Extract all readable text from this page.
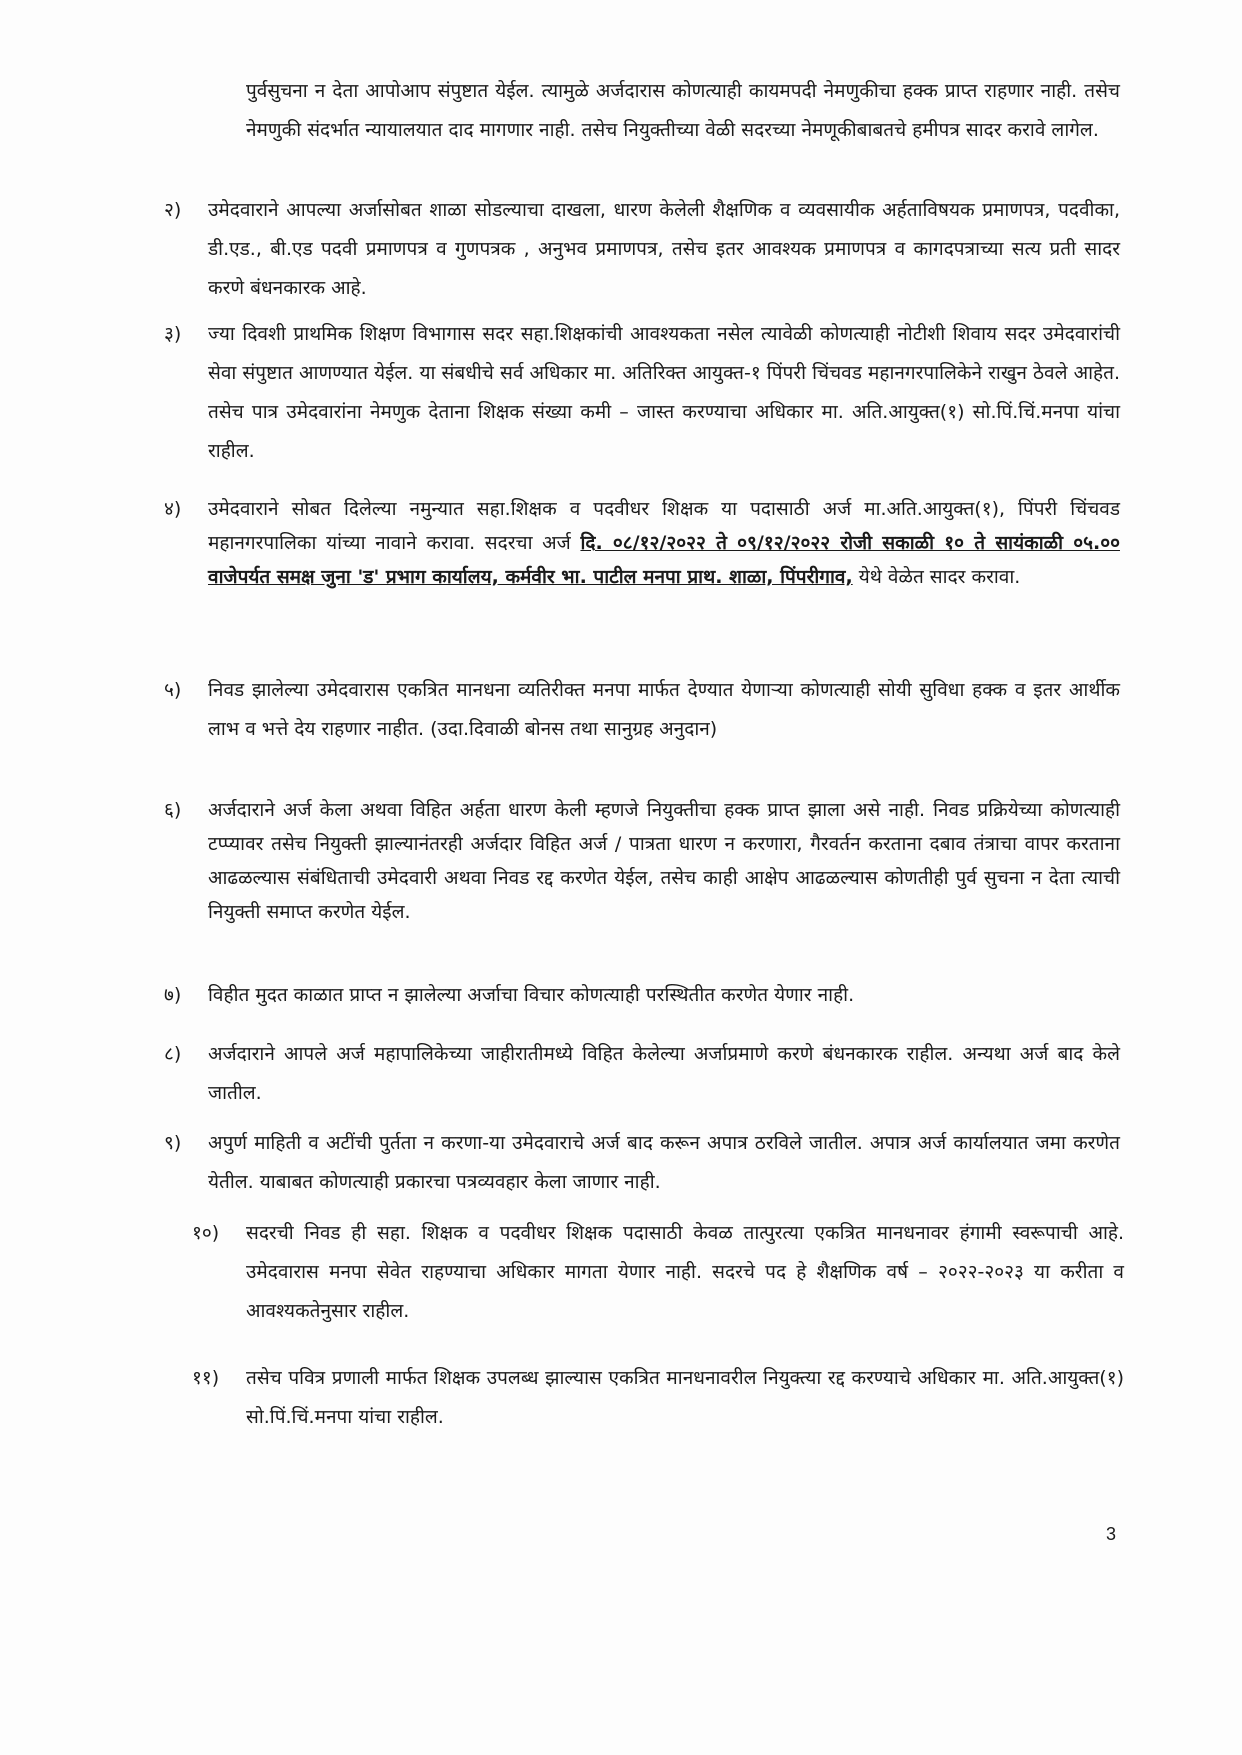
पुर्वसुचना न देता आपोआप संपुष्टात येईल. त्यामुळे अर्जदारास कोणत्याही कायमपदी नेमणुकीचा हक्क प्राप्त राहणार नाही. तसेच नेमणुकी संदर्भात न्यायालयात दाद मागणार नाही. तसेच नियुक्तीच्या वेळी सदरच्या नेमणूकीबाबतचे हमीपत्र सादर करावे लागेल.
२) उमेदवाराने आपल्या अर्जासोबत शाळा सोडल्याचा दाखला, धारण केलेली शैक्षणिक व व्यवसायीक अर्हताविषयक प्रमाणपत्र, पदवीका, डी.एड., बी.एड पदवी प्रमाणपत्र व गुणपत्रक , अनुभव प्रमाणपत्र, तसेच इतर आवश्यक प्रमाणपत्र व कागदपत्राच्या सत्य प्रती सादर करणे बंधनकारक आहे.
३) ज्या दिवशी प्राथमिक शिक्षण विभागास सदर सहा.शिक्षकांची आवश्यकता नसेल त्यावेळी कोणत्याही नोटीशी शिवाय सदर उमेदवारांची सेवा संपुष्टात आणण्यात येईल. या संबधीचे सर्व अधिकार मा. अतिरिक्त आयुक्त-१ पिंपरी चिंचवड महानगरपालिकेने राखुन ठेवले आहेत. तसेच पात्र उमेदवारांना नेमणुक देताना शिक्षक संख्या कमी – जास्त करण्याचा अधिकार मा. अति.आयुक्त(१) सो.पिं.चिं.मनपा यांचा राहील.
४) उमेदवाराने सोबत दिलेल्या नमुन्यात सहा.शिक्षक व पदवीधर शिक्षक या पदासाठी अर्ज मा.अति.आयुक्त(१), पिंपरी चिंचवड महानगरपालिका यांच्या नावाने करावा. सदरचा अर्ज दि. ०८/१२/२०२२ ते ०९/१२/२०२२ रोजी सकाळी १० ते सायंकाळी ०५.०० वाजेपर्यत समक्ष जुना 'ड' प्रभाग कार्यालय, कर्मवीर भा. पाटील मनपा प्राथ. शाळा, पिंपरीगाव, येथे वेळेत सादर करावा.
५) निवड झालेल्या उमेदवारास एकत्रित मानधना व्यतिरीक्त मनपा मार्फत देण्यात येणाऱ्या कोणत्याही सोयी सुविधा हक्क व इतर आर्थीक लाभ व भत्ते देय राहणार नाहीत. (उदा.दिवाळी बोनस तथा सानुग्रह अनुदान)
६) अर्जदाराने अर्ज केला अथवा विहित अर्हता धारण केली म्हणजे नियुक्तीचा हक्क प्राप्त झाला असे नाही. निवड प्रक्रियेच्या कोणत्याही टप्प्यावर तसेच नियुक्ती झाल्यानंतरही अर्जदार विहित अर्ज / पात्रता धारण न करणारा, गैरवर्तन करताना दबाव तंत्राचा वापर करताना आढळल्यास संबंधिताची उमेदवारी अथवा निवड रद्द करणेत येईल, तसेच काही आक्षेप आढळल्यास कोणतीही पुर्व सुचना न देता त्याची नियुक्ती समाप्त करणेत येईल.
७) विहीत मुदत काळात प्राप्त न झालेल्या अर्जाचा विचार कोणत्याही परस्थितीत करणेत येणार नाही.
८) अर्जदाराने आपले अर्ज महापालिकेच्या जाहीरातीमध्ये विहित केलेल्या अर्जाप्रमाणे करणे बंधनकारक राहील. अन्यथा अर्ज बाद केले जातील.
९) अपुर्ण माहिती व अटींची पुर्तता न करणा-या उमेदवाराचे अर्ज बाद करून अपात्र ठरविले जातील. अपात्र अर्ज कार्यालयात जमा करणेत येतील. याबाबत कोणत्याही प्रकारचा पत्रव्यवहार केला जाणार नाही.
१०) सदरची निवड ही सहा. शिक्षक व पदवीधर शिक्षक पदासाठी केवळ तात्पुरत्या एकत्रित मानधनावर हंगामी स्वरूपाची आहे. उमेदवारास मनपा सेवेत राहण्याचा अधिकार मागता येणार नाही. सदरचे पद हे शैक्षणिक वर्ष – २०२२-२०२३ या करीता व आवश्यकतेनुसार राहील.
११) तसेच पवित्र प्रणाली मार्फत शिक्षक उपलब्ध झाल्यास एकत्रित मानधनावरील नियुक्त्या रद्द करण्याचे अधिकार मा. अति.आयुक्त(१) सो.पिं.चिं.मनपा यांचा राहील.
3
